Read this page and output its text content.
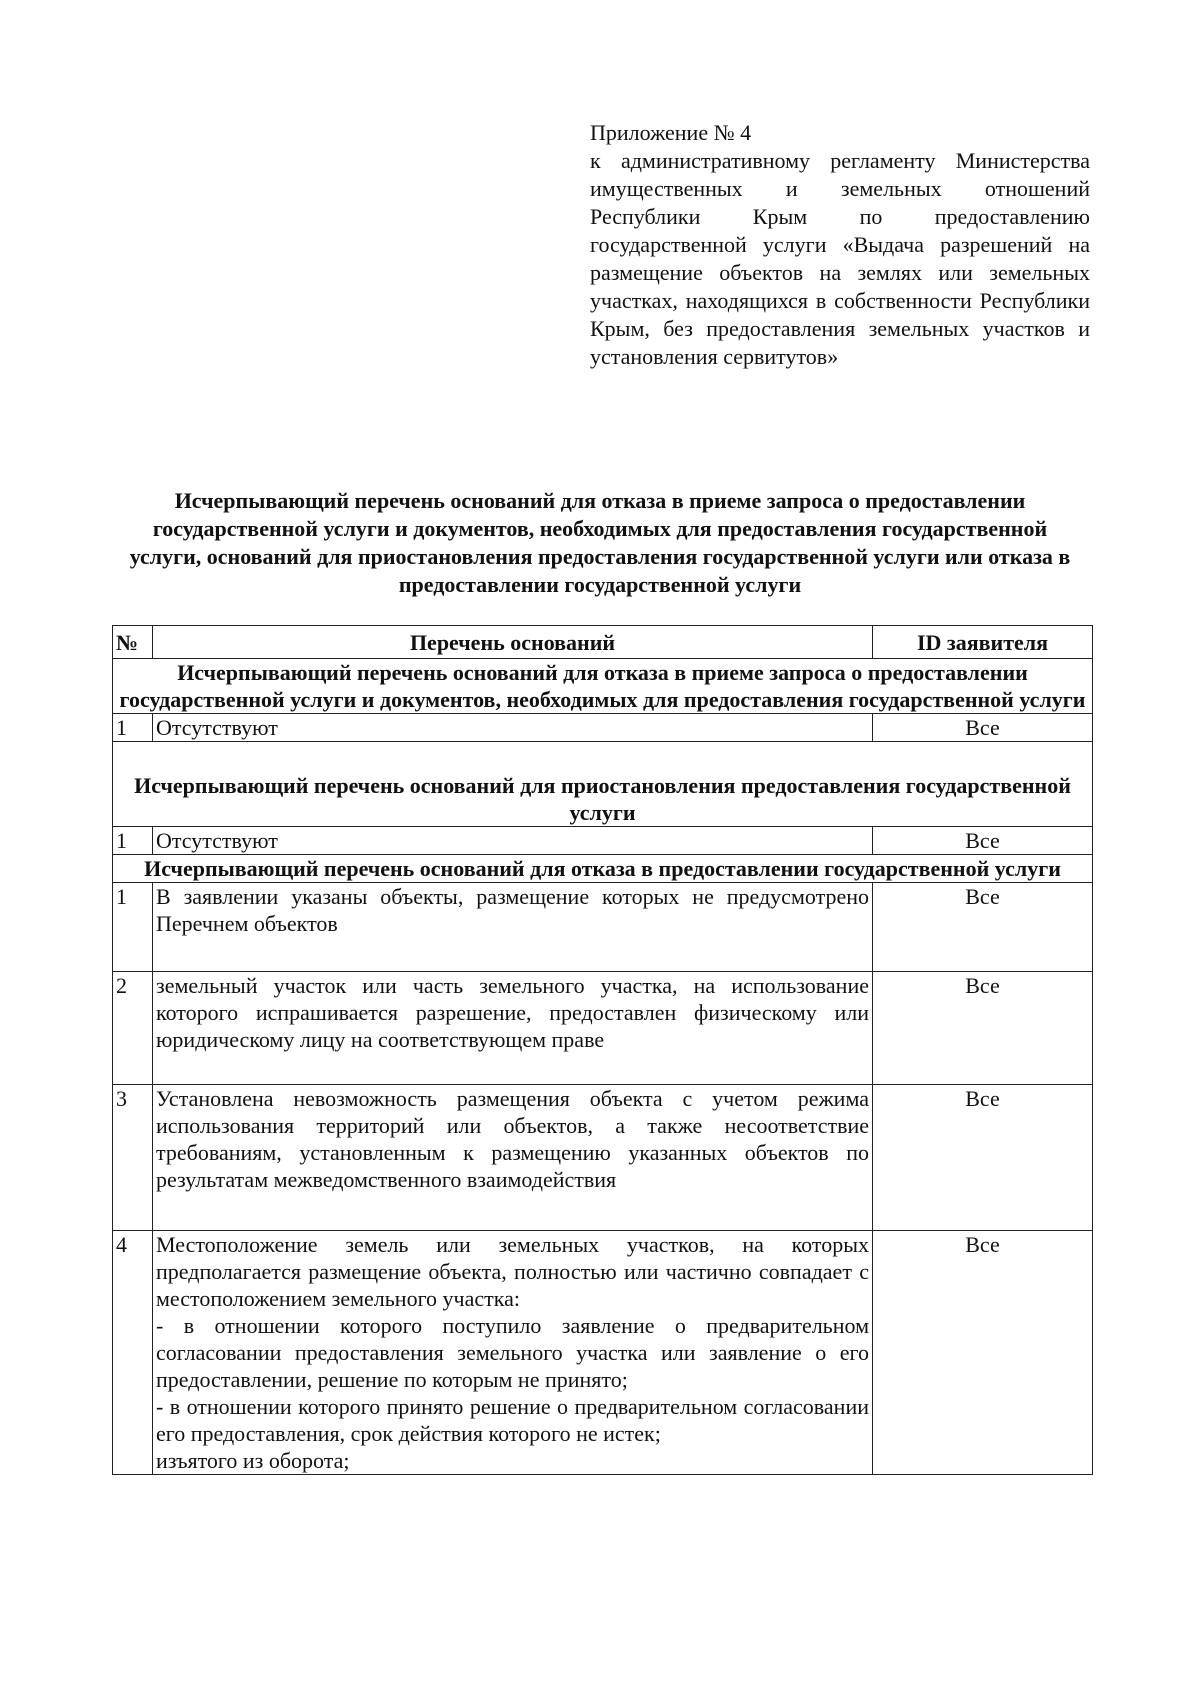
Приложение № 4
к административному регламенту Министерства имущественных и земельных отношений Республики Крым по предоставлению государственной услуги «Выдача разрешений на размещение объектов на землях или земельных участках, находящихся в собственности Республики Крым, без предоставления земельных участков и установления сервитутов»
Исчерпывающий перечень оснований для отказа в приеме запроса о предоставлении государственной услуги и документов, необходимых для предоставления государственной услуги, оснований для приостановления предоставления государственной услуги или отказа в предоставлении государственной услуги
№	Перечень оснований	ID заявителя
Исчерпывающий перечень оснований для отказа в приеме запроса о предоставлении государственной услуги и документов, необходимых для предоставления государственной услуги		
1	Отсутствуют	Все
Исчерпывающий перечень оснований для приостановления предоставления государственной услуги		
1	Отсутствуют	Все
Исчерпывающий перечень оснований для отказа в предоставлении государственной услуги		
1	В заявлении указаны объекты, размещение которых не предусмотрено Перечнем объектов	Все
2	земельный участок или часть земельного участка, на использование которого испрашивается разрешение, предоставлен физическому или юридическому лицу на соответствующем праве	Все
3	Установлена невозможность размещения объекта с учетом режима использования территорий или объектов, а также несоответствие требованиям, установленным к размещению указанных объектов по результатам межведомственного взаимодействия	Все
4	Местоположение земель или земельных участков, на которых предполагается размещение объекта, полностью или частично совпадает с местоположением земельного участка:
- в отношении которого поступило заявление о предварительном согласовании предоставления земельного участка или заявление о его предоставлении, решение по которым не принято;
- в отношении которого принято решение о предварительном согласовании его предоставления, срок действия которого не истек;
изъятого из оборота;	Все
